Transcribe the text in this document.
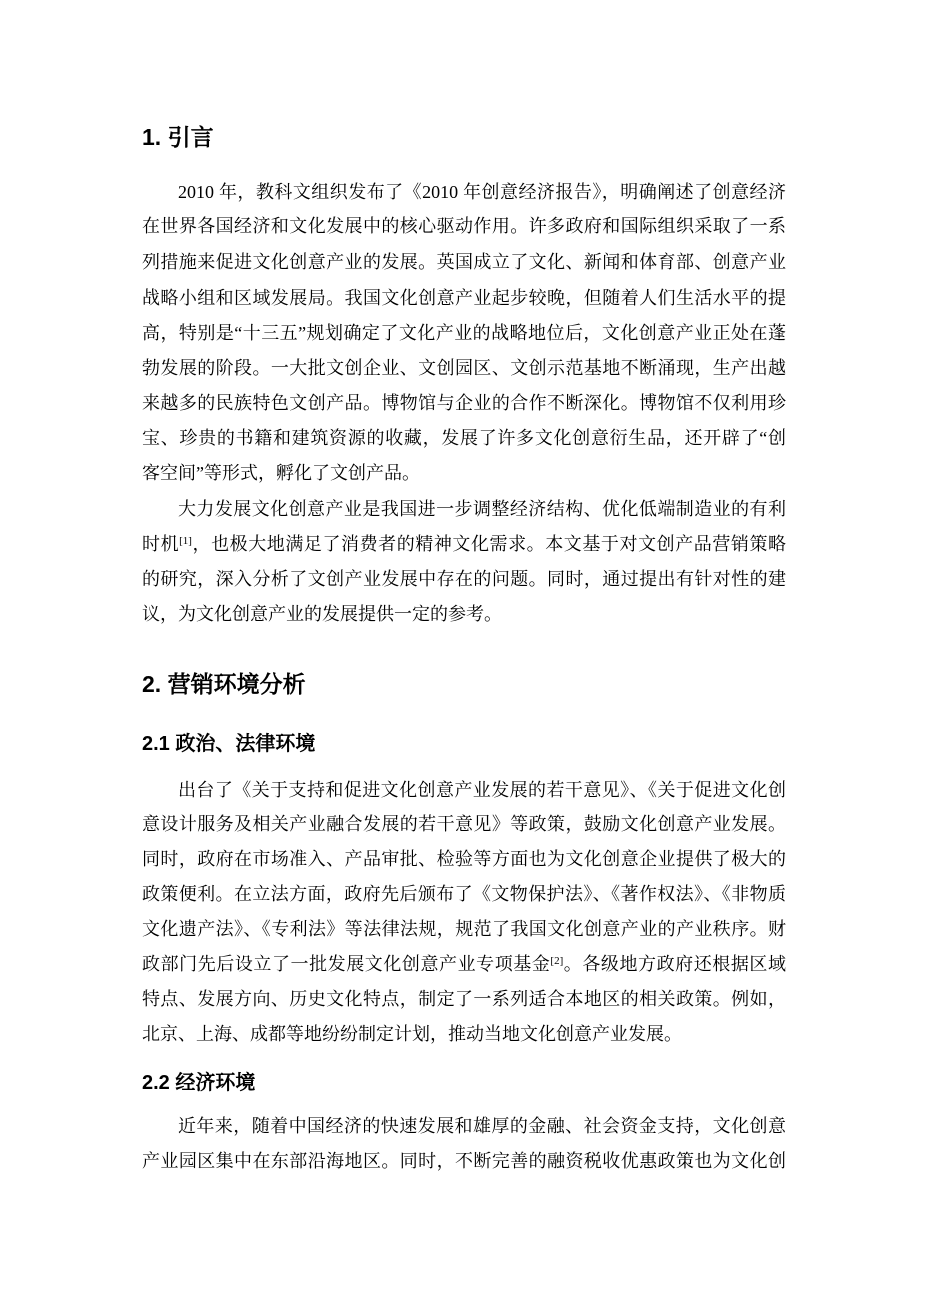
1. 引言

2010 年，教科文组织发布了《2010 年创意经济报告》，明确阐述了创意经济

在世界各国经济和文化发展中的核心驱动作用。许多政府和国际组织采取了一系

列措施来促进文化创意产业的发展。英国成立了文化、新闻和体育部、创意产业

战略小组和区域发展局。我国文化创意产业起步较晚，但随着人们生活水平的提

高，特别是“十三五”规划确定了文化产业的战略地位后，文化创意产业正处在蓬

勃发展的阶段。一大批文创企业、文创园区、文创示范基地不断涌现，生产出越

来越多的民族特色文创产品。博物馆与企业的合作不断深化。博物馆不仅利用珍

宝、珍贵的书籍和建筑资源的收藏，发展了许多文化创意衍生品，还开辟了“创

客空间”等形式，孵化了文创产品。

大力发展文化创意产业是我国进一步调整经济结构、优化低端制造业的有利

时机[1]，也极大地满足了消费者的精神文化需求。本文基于对文创产品营销策略

的研究，深入分析了文创产业发展中存在的问题。同时，通过提出有针对性的建

议，为文化创意产业的发展提供一定的参考。

2. 营销环境分析
2.1 政治、法律环境

出台了《关于支持和促进文化创意产业发展的若干意见》、《关于促进文化创

意设计服务及相关产业融合发展的若干意见》等政策，鼓励文化创意产业发展。

同时，政府在市场准入、产品审批、检验等方面也为文化创意企业提供了极大的

政策便利。在立法方面，政府先后颁布了《文物保护法》、《著作权法》、《非物质

文化遗产法》、《专利法》等法律法规，规范了我国文化创意产业的产业秩序。财

政部门先后设立了一批发展文化创意产业专项基金[2]。各级地方政府还根据区域

特点、发展方向、历史文化特点，制定了一系列适合本地区的相关政策。例如，

北京、上海、成都等地纷纷制定计划，推动当地文化创意产业发展。

2.2 经济环境

近年来，随着中国经济的快速发展和雄厚的金融、社会资金支持，文化创意

产业园区集中在东部沿海地区。同时，不断完善的融资税收优惠政策也为文化创
